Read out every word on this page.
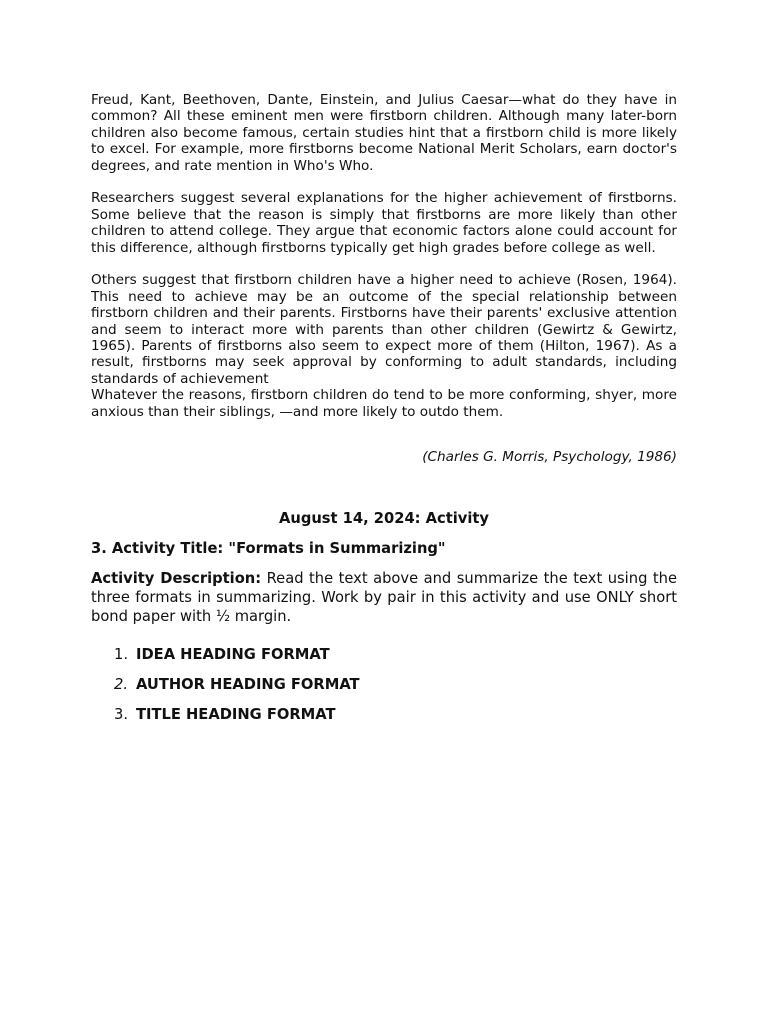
Freud, Kant, Beethoven, Dante, Einstein, and Julius Caesar—what do they have in common? All these eminent men were firstborn children. Although many later-born children also become famous, certain studies hint that a firstborn child is more likely to excel. For example, more firstborns become National Merit Scholars, earn doctor's degrees, and rate mention in Who's Who.

Researchers suggest several explanations for the higher achievement of firstborns. Some believe that the reason is simply that firstborns are more likely than other children to attend college. They argue that economic factors alone could account for this difference, although firstborns typically get high grades before college as well.

Others suggest that firstborn children have a higher need to achieve (Rosen, 1964). This need to achieve may be an outcome of the special relationship between firstborn children and their parents. Firstborns have their parents' exclusive attention and seem to interact more with parents than other children (Gewirtz & Gewirtz, 1965). Parents of firstborns also seem to expect more of them (Hilton, 1967). As a result, firstborns may seek approval by conforming to adult standards, including standards of achievement

Whatever the reasons, firstborn children do tend to be more conforming, shyer, more anxious than their siblings, —and more likely to outdo them.

(Charles G. Morris, Psychology, 1986)

August 14, 2024: Activity
3. Activity Title: "Formats in Summarizing"

Activity Description: Read the text above and summarize the text using the three formats in summarizing. Work by pair in this activity and use ONLY short bond paper with ½ margin.

1. IDEA HEADING FORMAT
2. AUTHOR HEADING FORMAT
3. TITLE HEADING FORMAT
